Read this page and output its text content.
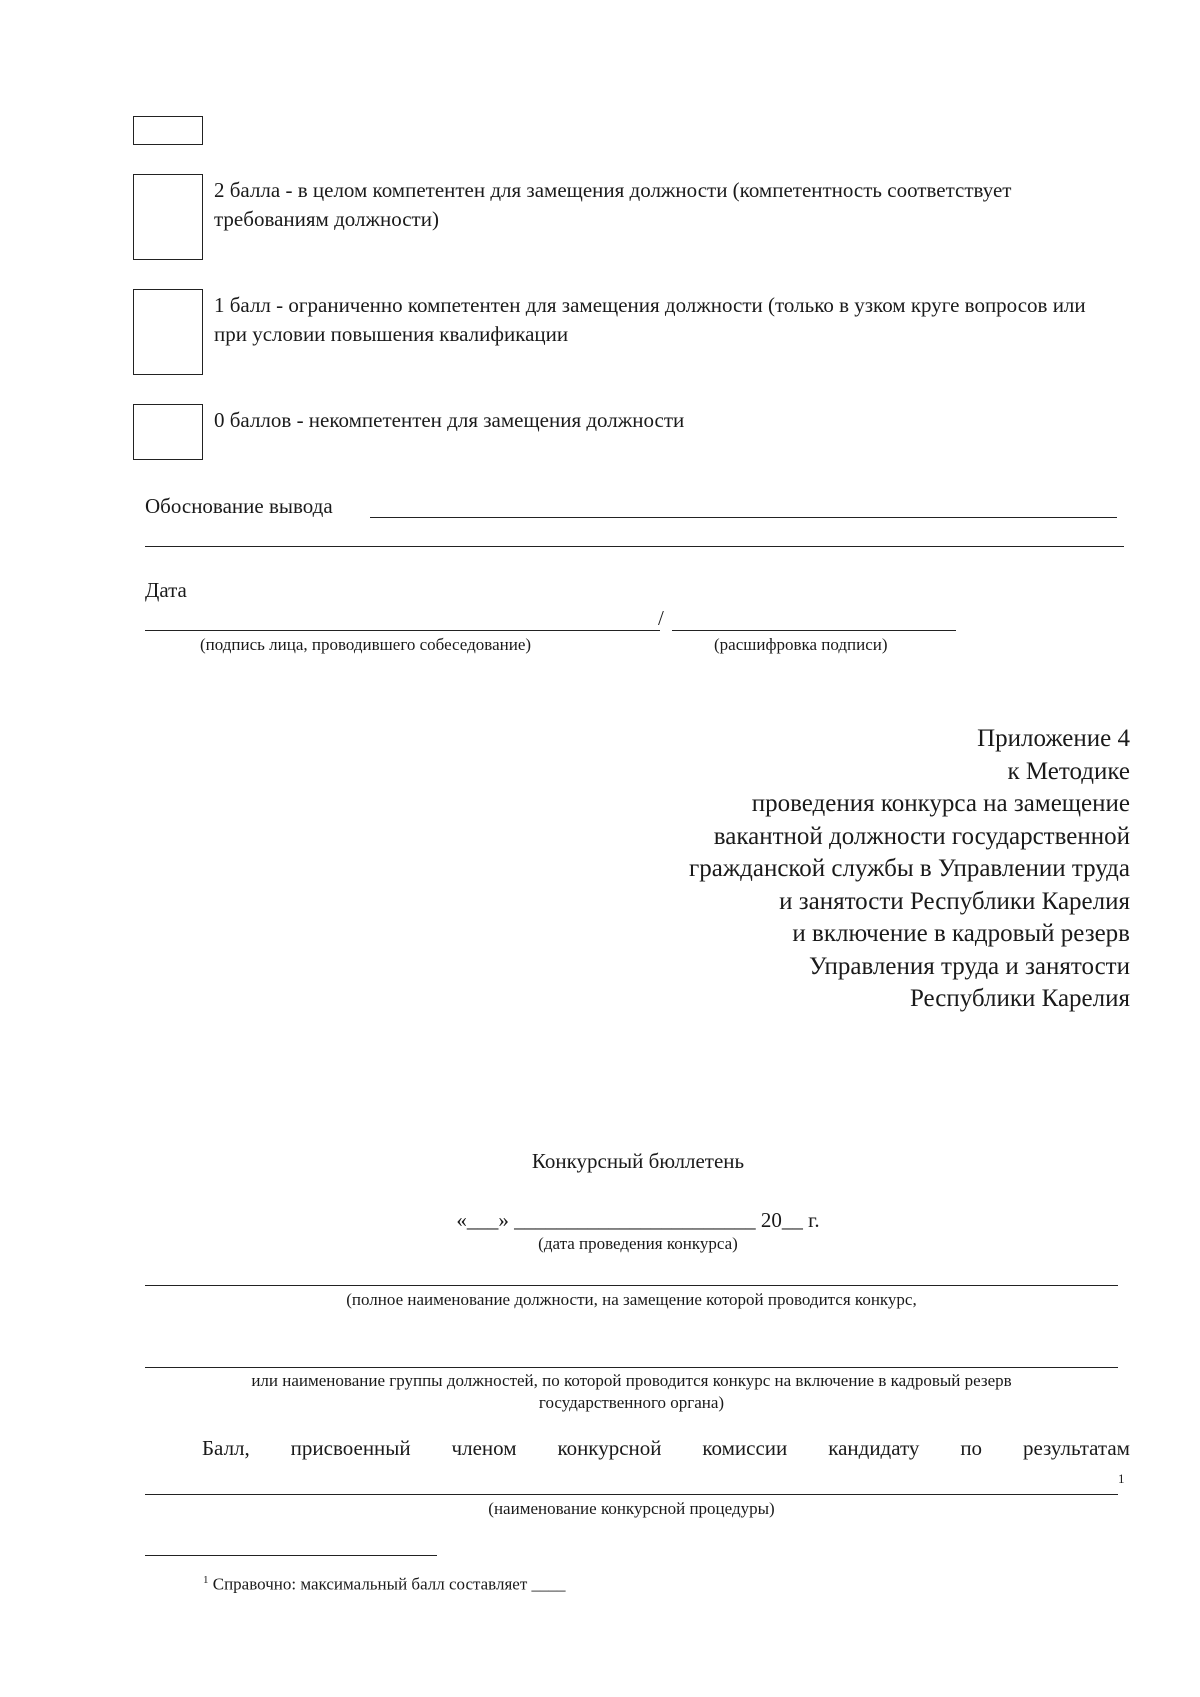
2 балла - в целом компетентен для замещения должности (компетентность соответствует требованиям должности)
1 балл - ограниченно компетентен для замещения должности (только в узком круге вопросов или при условии повышения квалификации
0 баллов - некомпетентен для замещения должности
Обоснование вывода
Дата
/
(подпись лица, проводившего собеседование)	(расшифровка подписи)
Приложение 4
к Методике
проведения конкурса на замещение
вакантной должности государственной
гражданской службы в Управлении труда
и занятости Республики Карелия
и включение в кадровый резерв
Управления труда и занятости
Республики Карелия
Конкурсный бюллетень
«___» _______________________ 20__ г.
(дата проведения конкурса)
(полное наименование должности, на замещение которой проводится конкурс,
или наименование группы должностей, по которой проводится конкурс на включение в кадровый резерв
государственного органа)
Балл, присвоенный членом конкурсной комиссии кандидату по результатам
1
(наименование конкурсной процедуры)
$^1$ Справочно: максимальный балл составляет ____
